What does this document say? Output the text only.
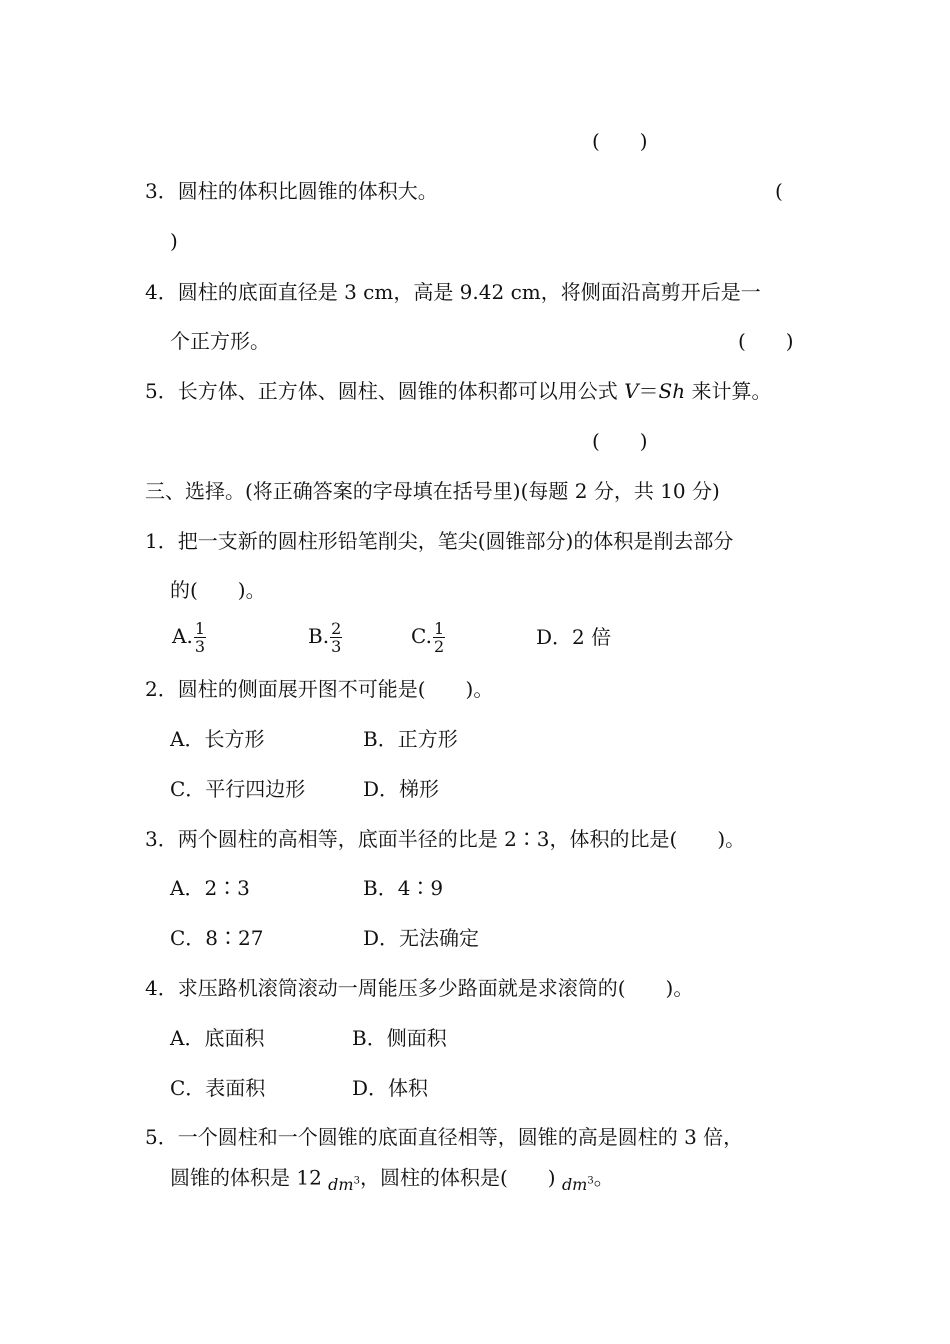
(　　)
3．圆柱的体积比圆锥的体积大。	(
)
4．圆柱的底面直径是 3 cm，高是 9.42 cm，将侧面沿高剪开后是一
个正方形。	(　　)
5．长方体、正方体、圆柱、圆锥的体积都可以用公式 V＝Sh 来计算。
(　　)
三、选择。(将正确答案的字母填在括号里)(每题 2 分，共 10 分)
1．把一支新的圆柱形铅笔削尖，笔尖(圆锥部分)的体积是削去部分
的(　　)。
A. $\frac{1}{3}$	B. $\frac{2}{3}$	C. $\frac{1}{2}$	D．2 倍
2．圆柱的侧面展开图不可能是(　　)。
A．长方形	B．正方形
C．平行四边形	D．梯形
3．两个圆柱的高相等，底面半径的比是 2∶3，体积的比是(　　)。
A．2∶3	B．4∶9
C．8∶27	D．无法确定
4．求压路机滚筒滚动一周能压多少路面就是求滚筒的(　　)。
A．底面积	B．侧面积
C．表面积	D．体积
5．一个圆柱和一个圆锥的底面直径相等，圆锥的高是圆柱的 3 倍，
圆锥的体积是 12 $_{dm^3}$，圆柱的体积是(　　) $_{dm^3}$。
